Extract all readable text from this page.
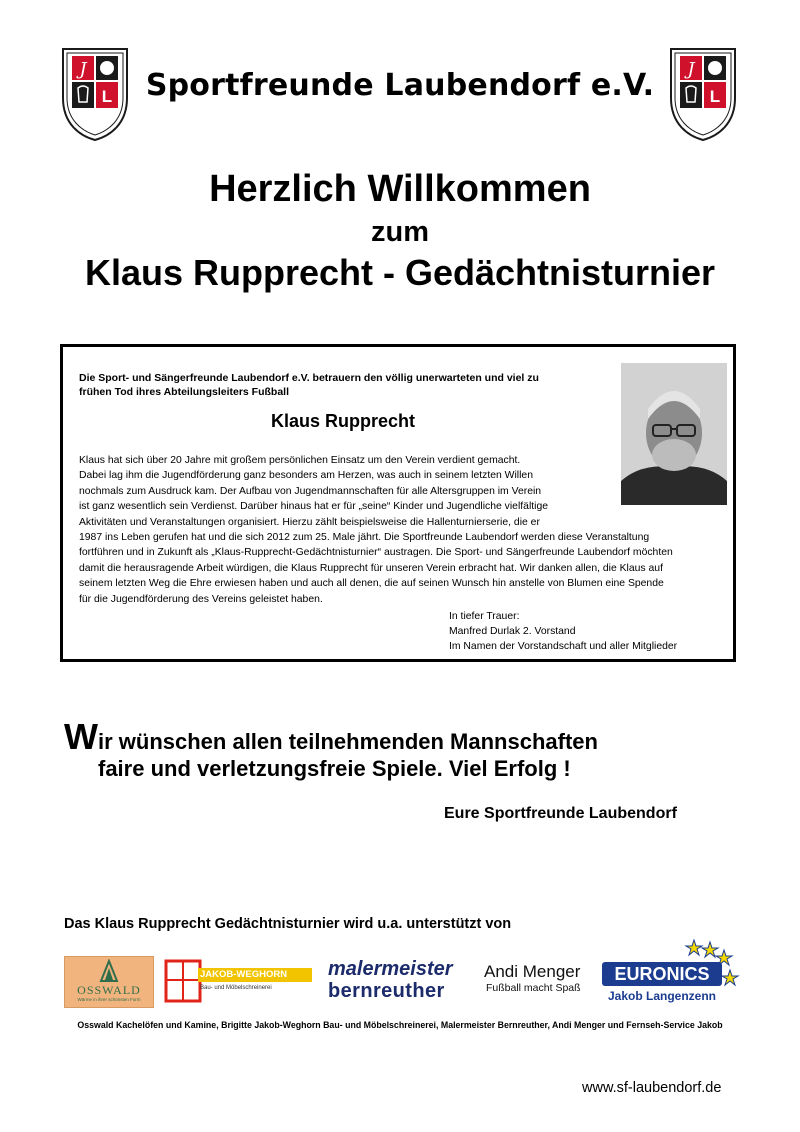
J
L
J
L
Sportfreunde Laubendorf e.V.
Herzlich Willkommen
zum
Klaus Rupprecht - Gedächtnisturnier
Die Sport- und Sängerfreunde Laubendorf e.V. betrauern den völlig unerwarteten und viel zu
frühen Tod ihres Abteilungsleiters Fußball
Klaus Rupprecht
Klaus hat sich über 20 Jahre mit großem persönlichen Einsatz um den Verein verdient gemacht.
Dabei lag ihm die Jugendförderung ganz besonders am Herzen, was auch in seinem letzten Willen
nochmals zum Ausdruck kam. Der Aufbau von Jugendmannschaften für alle Altersgruppen im Verein
ist ganz wesentlich sein Verdienst. Darüber hinaus hat er für „seine“ Kinder und Jugendliche vielfältige
Aktivitäten und Veranstaltungen organisiert. Hierzu zählt beispielsweise die Hallenturnierserie, die er
1987 ins Leben gerufen hat und die sich 2012 zum 25. Male jährt. Die Sportfreunde Laubendorf werden diese Veranstaltung
fortführen und in Zukunft als „Klaus-Rupprecht-Gedächtnisturnier“ austragen. Die Sport- und Sängerfreunde Laubendorf möchten
damit die herausragende Arbeit würdigen, die Klaus Rupprecht für unseren Verein erbracht hat. Wir danken allen, die Klaus auf
seinem letzten Weg die Ehre erwiesen haben und auch all denen, die auf seinen Wunsch hin anstelle von Blumen eine Spende
für die Jugendförderung des Vereins geleistet haben.
In tiefer Trauer:
Manfred Durlak 2. Vorstand
Im Namen der Vorstandschaft und aller Mitglieder
Wir wünschen allen teilnehmenden Mannschaften
faire und verletzungsfreie Spiele. Viel Erfolg !
Eure Sportfreunde Laubendorf
Das Klaus Rupprecht Gedächtnisturnier wird u.a. unterstützt von
OSSWALD
Wärme in ihrer schönsten Form
JAKOB-WEGHORN
Bau- und Möbelschreinerei
malermeister
bernreuther
Andi Menger
Fußball macht Spaß
EURONICS
Jakob Langenzenn
Osswald Kachelöfen und Kamine, Brigitte Jakob-Weghorn Bau- und Möbelschreinerei, Malermeister Bernreuther, Andi Menger und Fernseh-Service Jakob
www.sf-laubendorf.de
